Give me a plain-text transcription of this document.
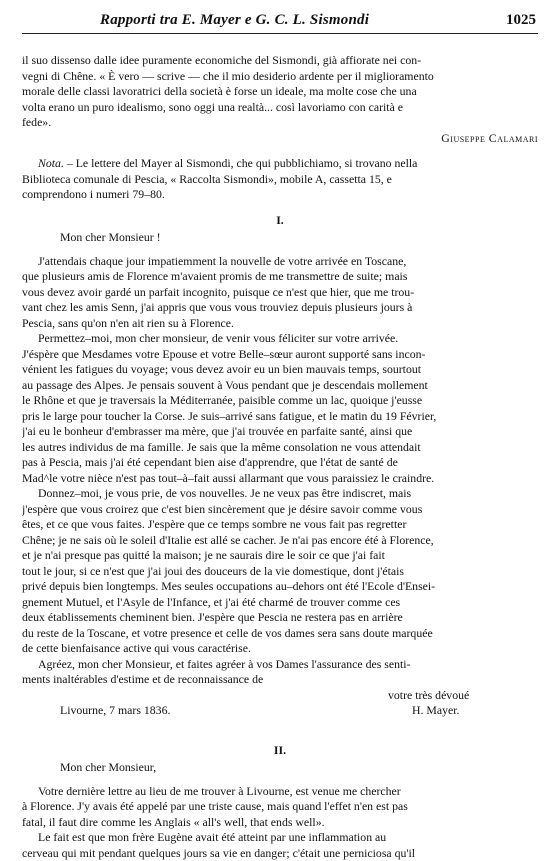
Rapporti tra E. Mayer e G. C. L. Sismondi	1025
il suo dissenso dalle idee puramente economiche del Sismondi, già affiorate nei con-
vegni di Chêne. « È vero — scrive — che il mio desiderio ardente per il miglioramento
morale delle classi lavoratrici della società è forse un ideale, ma molte cose che una
volta erano un puro idealismo, sono oggi una realtà... così lavoriamo con carità e
fede».
Giuseppe Calamari
Nota. – Le lettere del Mayer al Sismondi, che qui pubblichiamo, si trovano nella
Biblioteca comunale di Pescia, « Raccolta Sismondi», mobile A, cassetta 15, e
comprendono i numeri 79–80.
I.
Mon cher Monsieur !
J'attendais chaque jour impatiemment la nouvelle de votre arrivée en Toscane,
que plusieurs amis de Florence m'avaient promis de me transmettre de suite; mais
vous devez avoir gardé un parfait incognito, puisque ce n'est que hier, que me trou-
vant chez les amis Senn, j'ai appris que vous vous trouviez depuis plusieurs jours à
Pescia, sans qu'on n'en ait rien su à Florence.
Permettez–moi, mon cher monsieur, de venir vous féliciter sur votre arrivée.
J'éspère que Mesdames votre Epouse et votre Belle–sœur auront supporté sans incon-
vénient les fatigues du voyage; vous devez avoir eu un bien mauvais temps, sourtout
au passage des Alpes. Je pensais souvent à Vous pendant que je descendais mollement
le Rhône et que je traversais la Méditerranée, paisible comme un lac, quoique j'eusse
pris le large pour toucher la Corse. Je suis–arrivé sans fatigue, et le matin du 19 Février,
j'ai eu le bonheur d'embrasser ma mère, que j'ai trouvée en parfaite santé, ainsi que
les autres individus de ma famille. Je sais que la même consolation ne vous attendait
pas à Pescia, mais j'ai été cependant bien aise d'apprendre, que l'état de santé de
Mad^le votre nièce n'est pas tout–à–fait aussi allarmant que vous paraissiez le craindre.
Donnez–moi, je vous prie, de vos nouvelles. Je ne veux pas être indiscret, mais
j'espère que vous croirez que c'est bien sincèrement que je désire savoir comme vous
êtes, et ce que vous faites. J'espère que ce temps sombre ne vous fait pas regretter
Chêne; je ne sais où le soleil d'Italie est allé se cacher. Je n'ai pas encore été à Florence,
et je n'ai presque pas quitté la maison; je ne saurais dire le soir ce que j'ai fait
tout le jour, si ce n'est que j'ai joui des douceurs de la vie domestique, dont j'étais
privé depuis bien longtemps. Mes seules occupations au–dehors ont été l'Ecole d'Ensei-
gnement Mutuel, et l'Asyle de l'Infance, et j'ai été charmé de trouver comme ces
deux établissements cheminent bien. J'espère que Pescia ne restera pas en arrière
du reste de la Toscane, et votre presence et celle de vos dames sera sans doute marquée
de cette bienfaisance active qui vous caractérise.
Agréez, mon cher Monsieur, et faites agréer à vos Dames l'assurance des senti-
ments inaltérables d'estime et de reconnaissance de
votre très dévoué
Livourne, 7 mars 1836.	H. Mayer.
II.
Mon cher Monsieur,
Votre dernière lettre au lieu de me trouver à Livourne, est venue me chercher
à Florence. J'y avais été appelé par une triste cause, mais quand l'effet n'en est pas
fatal, il faut dire comme les Anglais « all's well, that ends well».
Le fait est que mon frère Eugène avait été atteint par une inflammation au
cerveau qui mit pendant quelques jours sa vie en danger; c'était une perniciosa qu'il
